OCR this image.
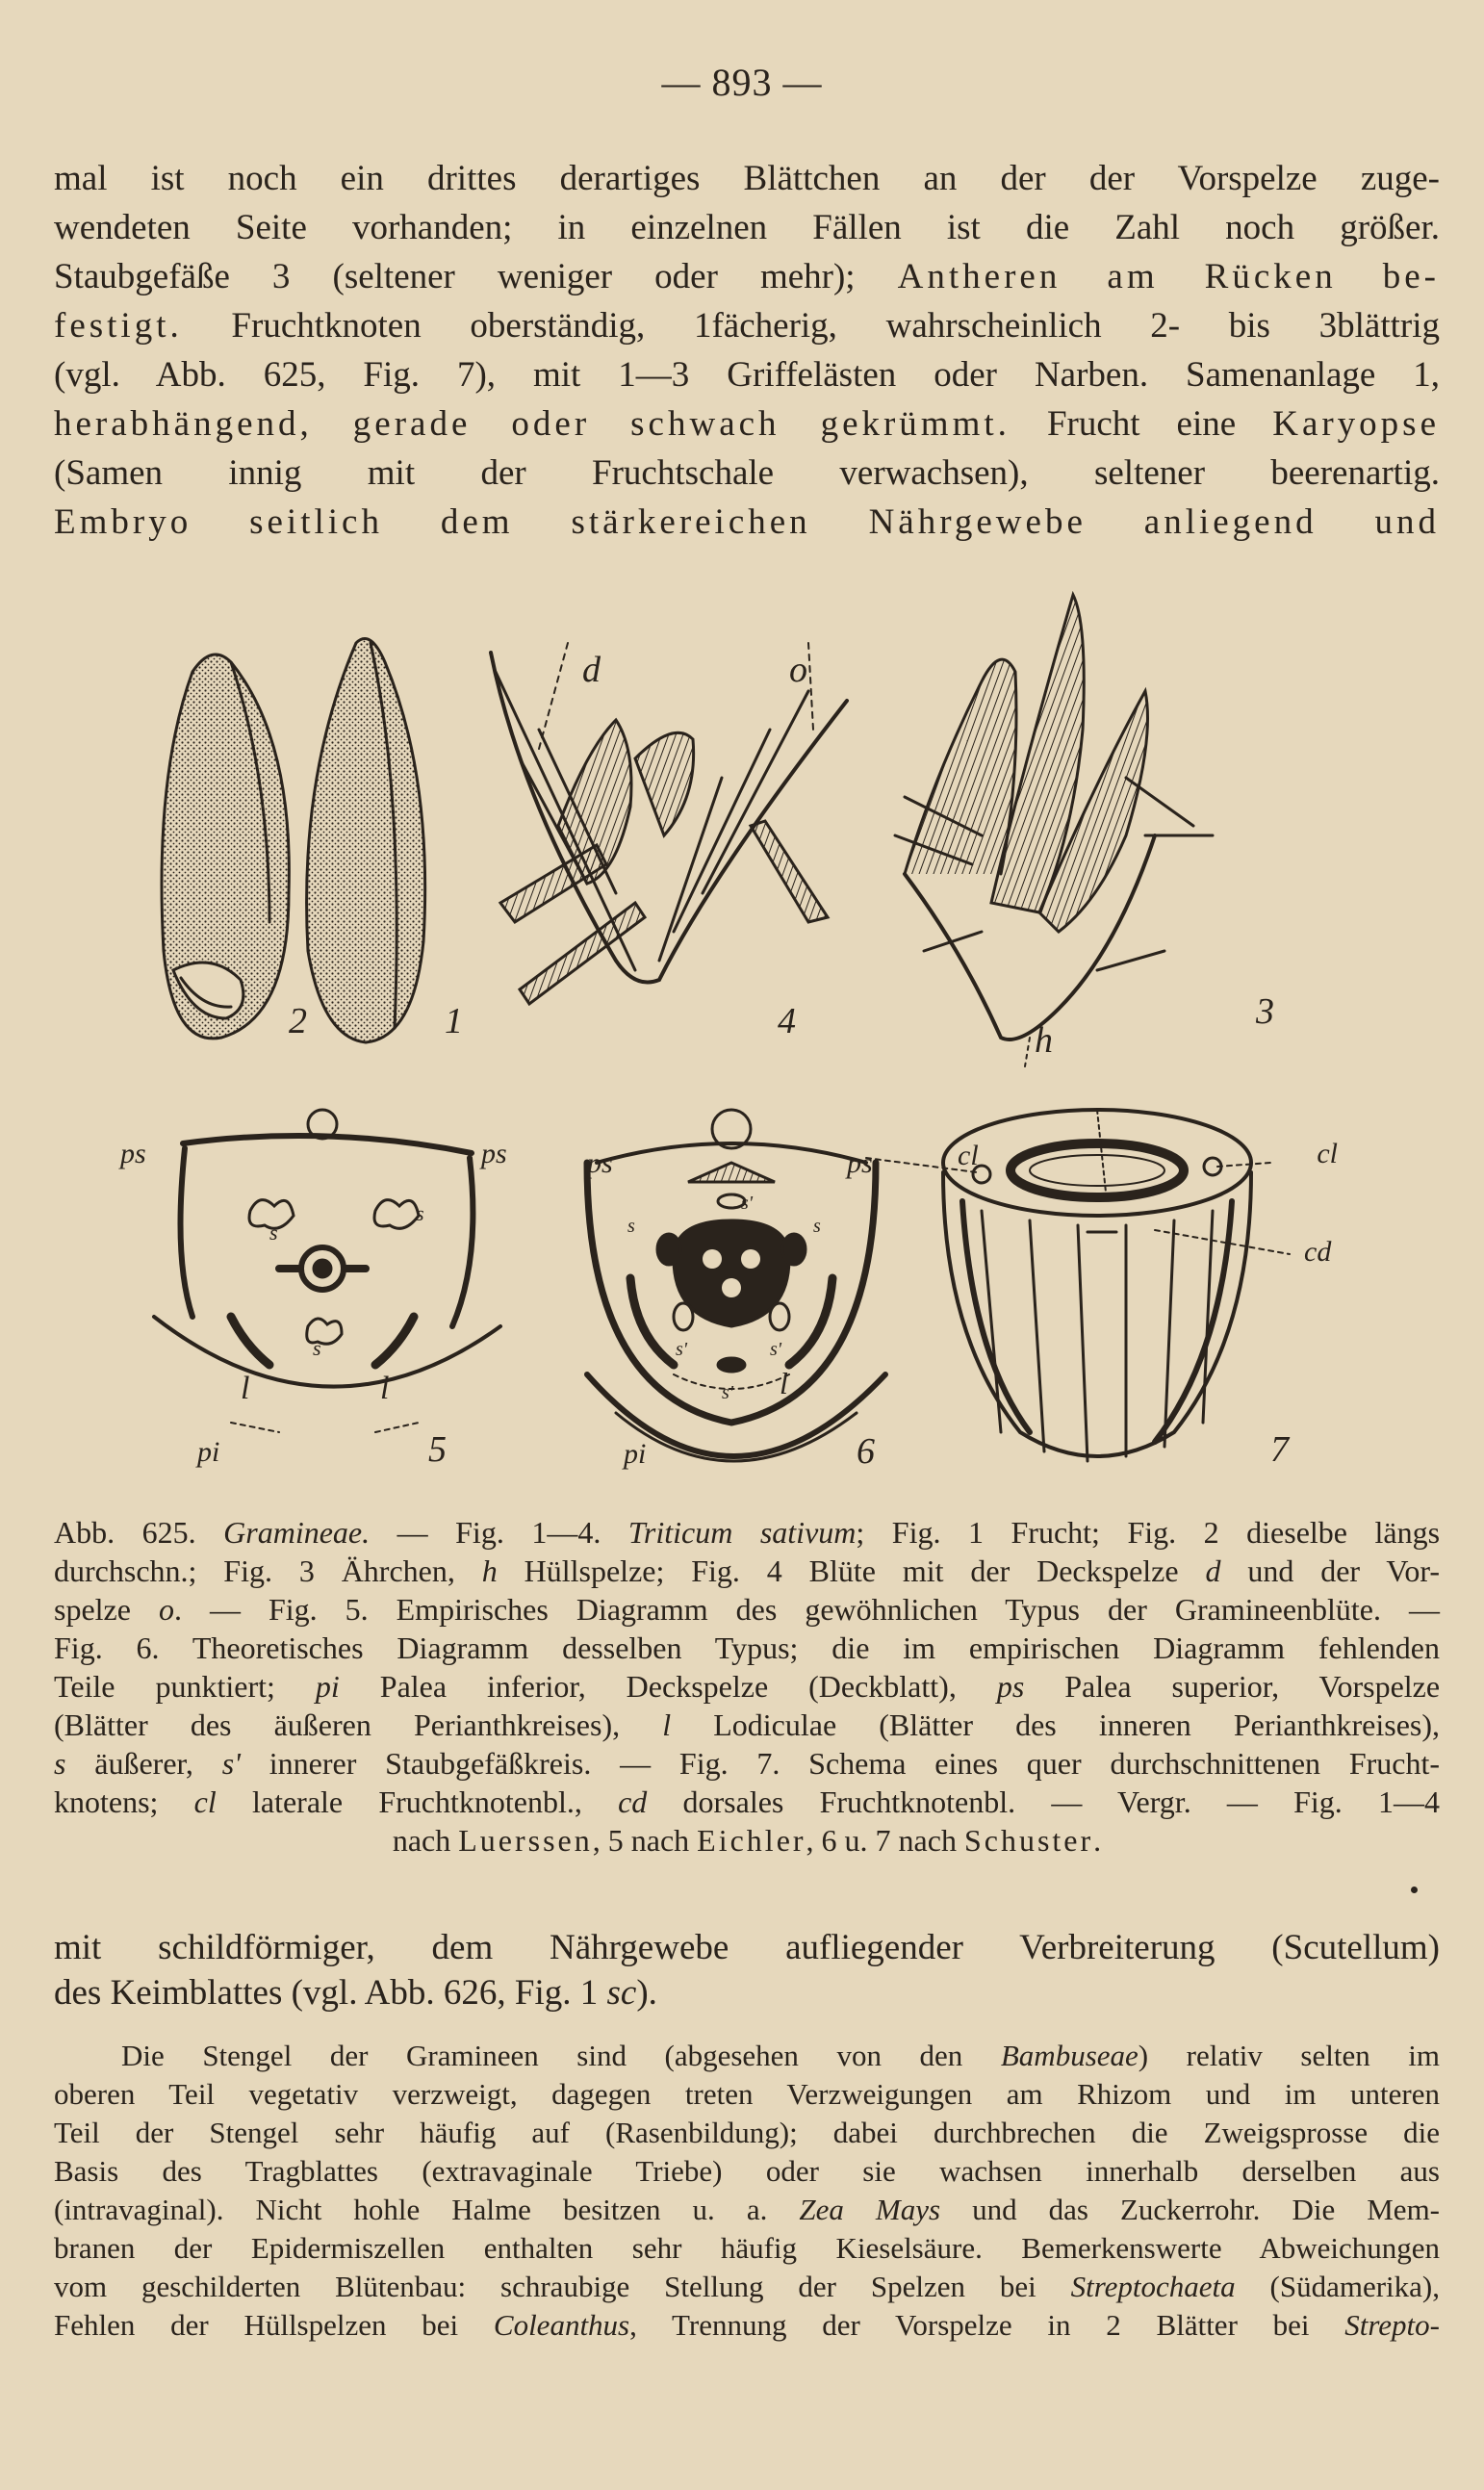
— 893 —
mal ist noch ein drittes derartiges Blättchen an der der Vorspelze zuge-
wendeten Seite vorhanden; in einzelnen Fällen ist die Zahl noch größer.
Staubgefäße 3 (seltener weniger oder mehr); Antheren am Rücken be-
festigt. Fruchtknoten oberständig, 1fächerig, wahrscheinlich 2- bis 3blättrig
(vgl. Abb. 625, Fig. 7), mit 1—3 Griffelästen oder Narben. Samenanlage 1,
herabhängend, gerade oder schwach gekrümmt. Frucht eine Karyopse
(Samen innig mit der Fruchtschale verwachsen), seltener beerenartig.
Embryo seitlich dem stärkereichen Nährgewebe anliegend und
2	1
d	o
4	h
3
ps	ps
s
s
s
l	l
pi	5
ps	ps
s	s
s'
s'	s'
s' l
pi	6
cl	cl
cd
7
Abb. 625. Gramineae. — Fig. 1—4. Triticum sativum; Fig. 1 Frucht; Fig. 2 dieselbe längs
durchschn.; Fig. 3 Ährchen, h Hüllspelze; Fig. 4 Blüte mit der Deckspelze d und der Vor-
spelze o. — Fig. 5. Empirisches Diagramm des gewöhnlichen Typus der Gramineenblüte. —
Fig. 6. Theoretisches Diagramm desselben Typus; die im empirischen Diagramm fehlenden
Teile punktiert; pi Palea inferior, Deckspelze (Deckblatt), ps Palea superior, Vorspelze
(Blätter des äußeren Perianthkreises), l Lodiculae (Blätter des inneren Perianthkreises),
s äußerer, s' innerer Staubgefäßkreis. — Fig. 7. Schema eines quer durchschnittenen Frucht-
knotens; cl laterale Fruchtknotenbl., cd dorsales Fruchtknotenbl. — Vergr. — Fig. 1—4
nach Luerssen, 5 nach Eichler, 6 u. 7 nach Schuster.
mit schildförmiger, dem Nährgewebe aufliegender Verbreiterung (Scutellum)
des Keimblattes (vgl. Abb. 626, Fig. 1 sc).
Die Stengel der Gramineen sind (abgesehen von den Bambuseae) relativ selten im
oberen Teil vegetativ verzweigt, dagegen treten Verzweigungen am Rhizom und im unteren
Teil der Stengel sehr häufig auf (Rasenbildung); dabei durchbrechen die Zweigsprosse die
Basis des Tragblattes (extravaginale Triebe) oder sie wachsen innerhalb derselben aus
(intravaginal). Nicht hohle Halme besitzen u. a. Zea Mays und das Zuckerrohr. Die Mem-
branen der Epidermiszellen enthalten sehr häufig Kieselsäure. Bemerkenswerte Abweichungen
vom geschilderten Blütenbau: schraubige Stellung der Spelzen bei Streptochaeta (Südamerika),
Fehlen der Hüllspelzen bei Coleanthus, Trennung der Vorspelze in 2 Blätter bei Strepto-
